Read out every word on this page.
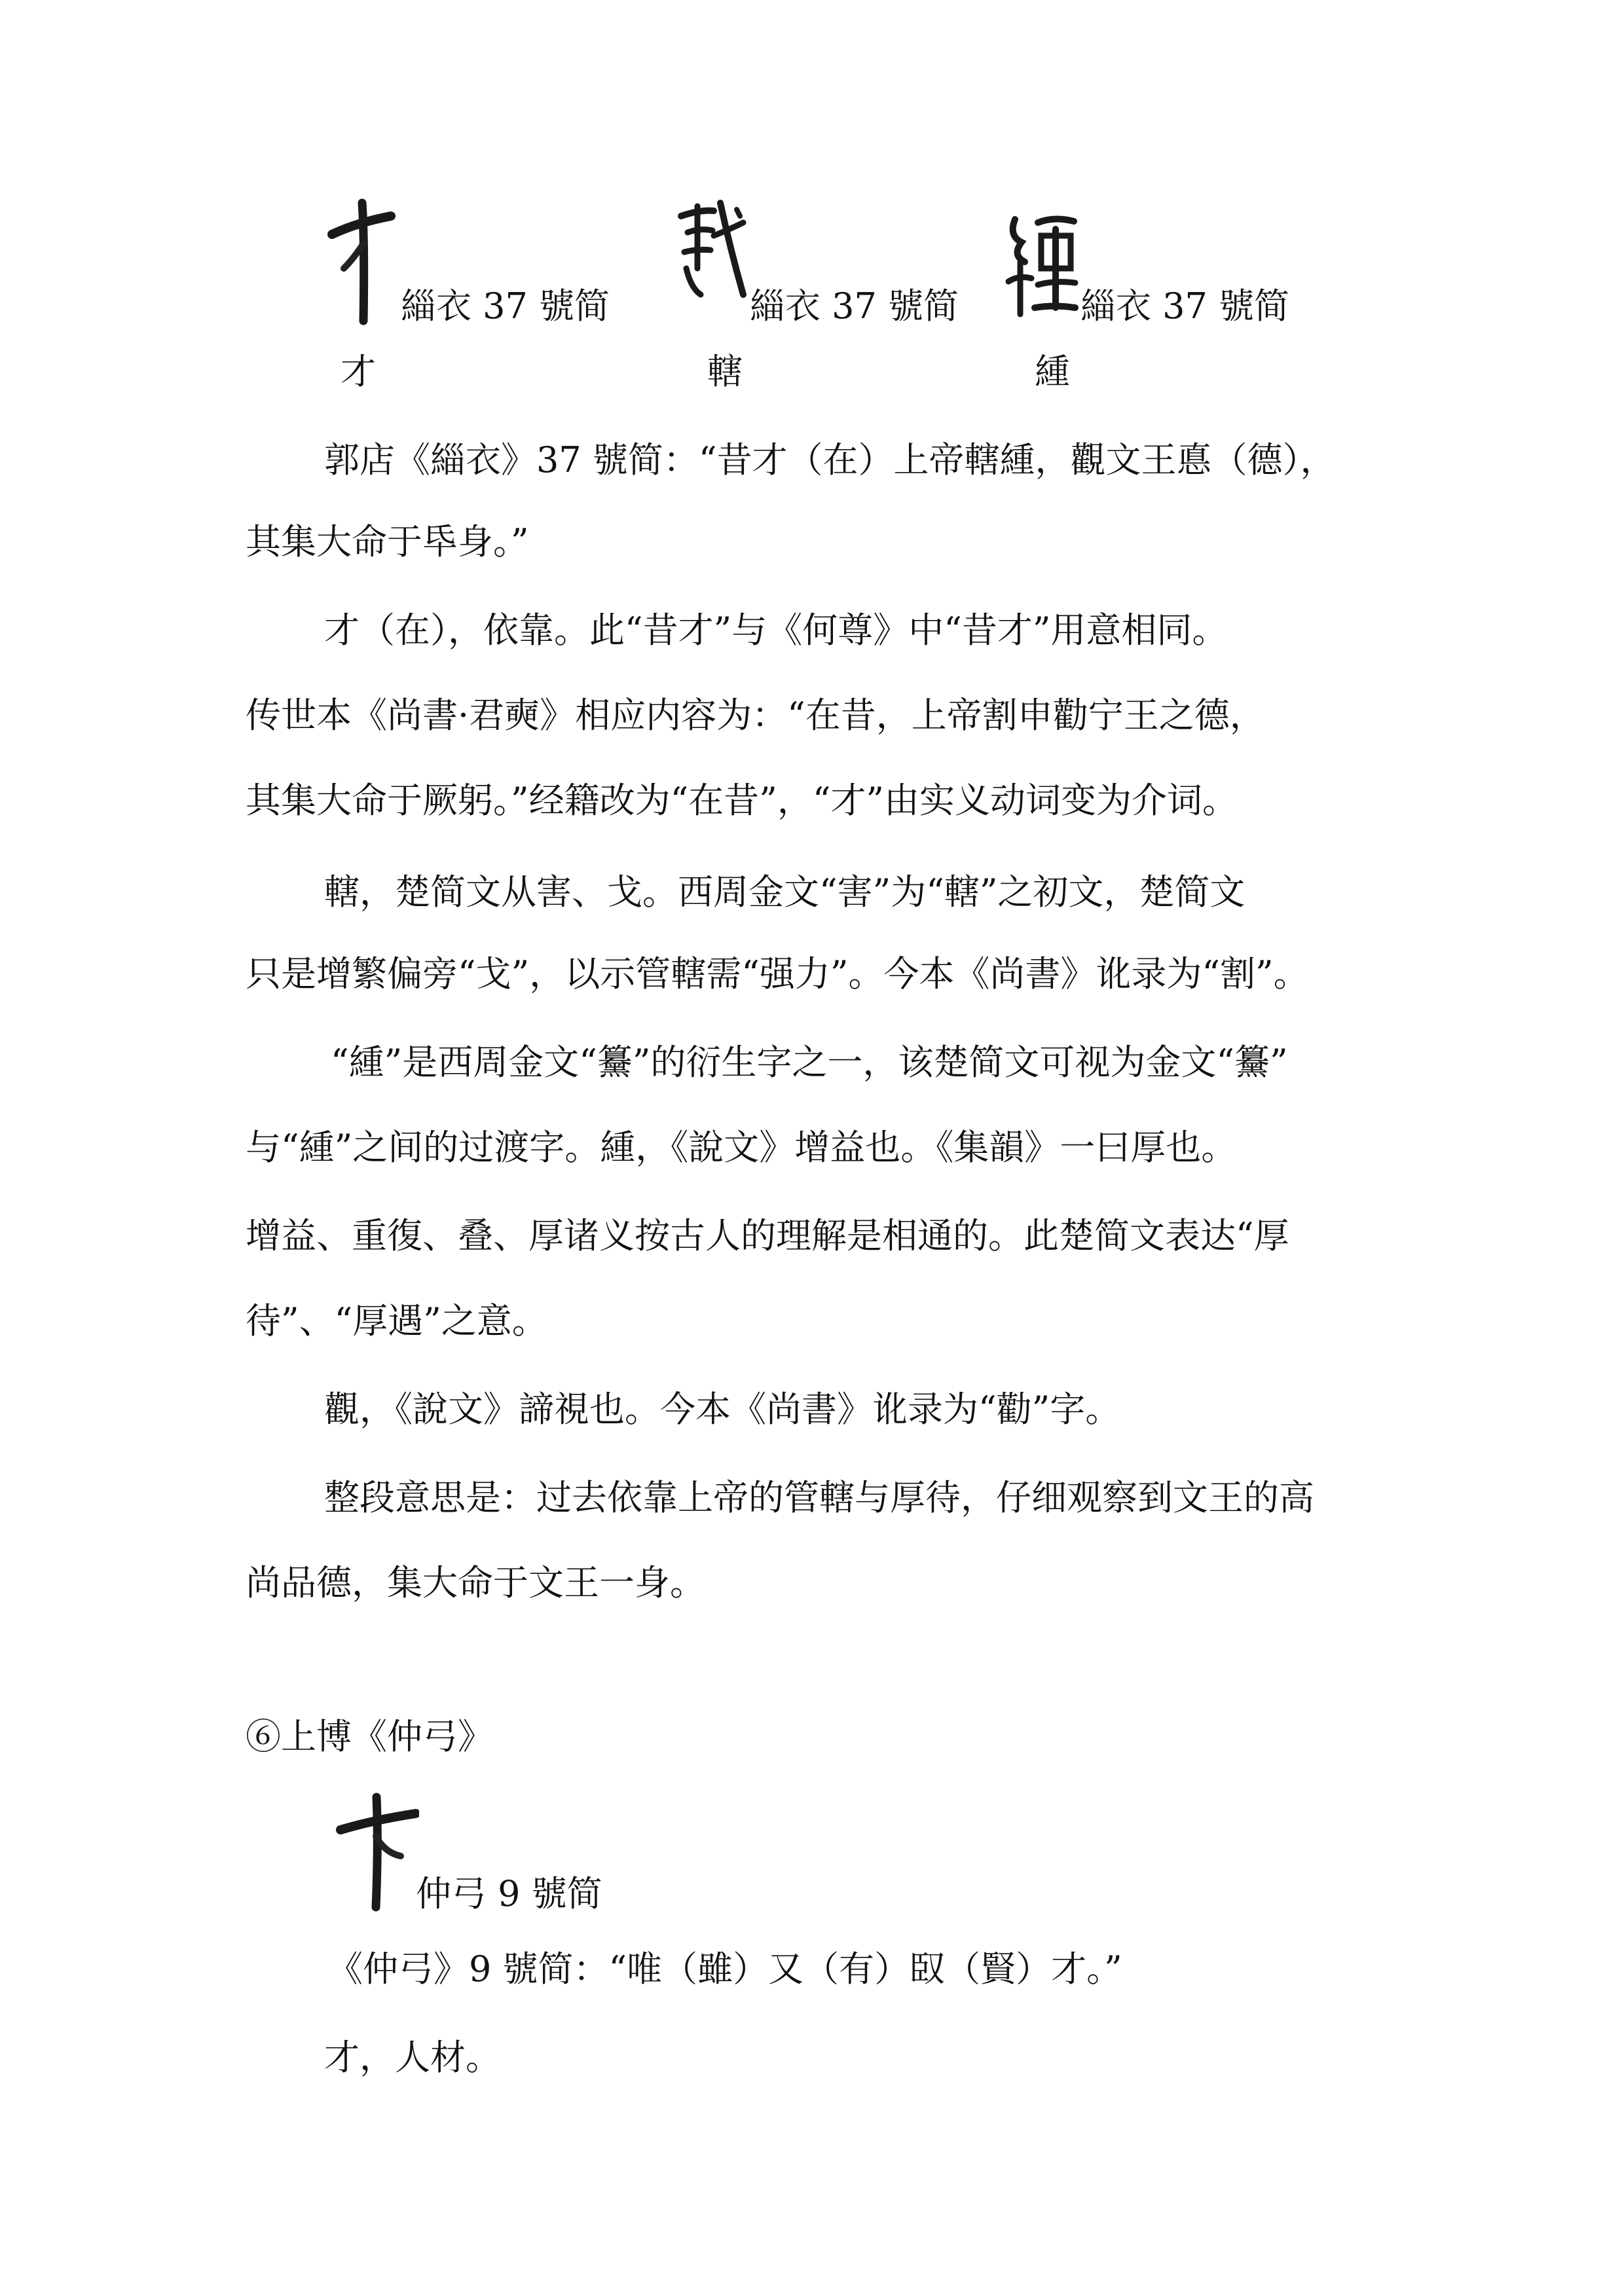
緇衣 37 號简
才
緇衣 37 號简
轄
緇衣 37 號简
緟
郭店《緇衣》37 號简：“昔才（在）上帝轄緟，觀文王悳（德），
其集大命于氒身。”
才（在），依靠。此“昔才”与《何尊》中“昔才”用意相同。
传世本《尚書·君奭》相应内容为：“在昔，上帝割申勸宁王之德，
其集大命于厥躬。”经籍改为“在昔”，“才”由实义动词变为介词。
轄，楚简文从害、戈。西周金文“害”为“轄”之初文，楚简文
只是增繁偏旁“戈”，以示管轄需“强力”。今本《尚書》讹录为“割”。
“緟”是西周金文“䵵”的衍生字之一，该楚简文可视为金文“䵵”
与“緟”之间的过渡字。緟，《說文》增益也。《集韻》一曰厚也。
增益、重復、叠、厚诸义按古人的理解是相通的。此楚简文表达“厚
待”、“厚遇”之意。
觀，《說文》諦視也。今本《尚書》讹录为“勸”字。
整段意思是：过去依靠上帝的管轄与厚待，仔细观察到文王的高
尚品德，集大命于文王一身。
⑥上博《仲弓》
仲弓 9 號简
《仲弓》9 號简：“唯（雖）又（有）臤（賢）才。”
才，人材。
